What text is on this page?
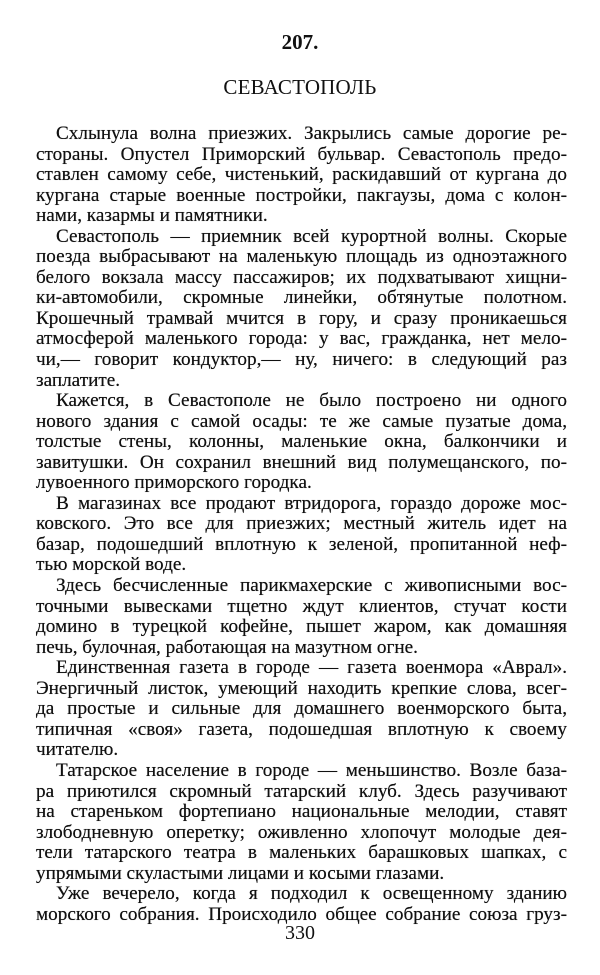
207.
СЕВАСТОПОЛЬ
Схлынула волна приезжих. Закрылись самые дорогие ре-
стораны. Опустел Приморский бульвар. Севастополь предо-
ставлен самому себе, чистенький, раскидавший от кургана до
кургана старые военные постройки, пакгаузы, дома с колон-
нами, казармы и памятники.
Севастополь — приемник всей курортной волны. Скорые
поезда выбрасывают на маленькую площадь из одноэтажного
белого вокзала массу пассажиров; их подхватывают хищни-
ки-автомобили, скромные линейки, обтянутые полотном.
Крошечный трамвай мчится в гору, и сразу проникаешься
атмосферой маленького города: у вас, гражданка, нет мело-
чи,— говорит кондуктор,— ну, ничего: в следующий раз
заплатите.
Кажется, в Севастополе не было построено ни одного
нового здания с самой осады: те же самые пузатые дома,
толстые стены, колонны, маленькие окна, балкончики и
завитушки. Он сохранил внешний вид полумещанского, по-
лувоенного приморского городка.
В магазинах все продают втридорога, гораздо дороже мос-
ковского. Это все для приезжих; местный житель идет на
базар, подошедший вплотную к зеленой, пропитанной неф-
тью морской воде.
Здесь бесчисленные парикмахерские с живописными вос-
точными вывесками тщетно ждут клиентов, стучат кости
домино в турецкой кофейне, пышет жаром, как домашняя
печь, булочная, работающая на мазутном огне.
Единственная газета в городе — газета военмора «Аврал».
Энергичный листок, умеющий находить крепкие слова, всег-
да простые и сильные для домашнего военморского быта,
типичная «своя» газета, подошедшая вплотную к своему
читателю.
Татарское население в городе — меньшинство. Возле база-
ра приютился скромный татарский клуб. Здесь разучивают
на стареньком фортепиано национальные мелодии, ставят
злободневную оперетку; оживленно хлопочут молодые дея-
тели татарского театра в маленьких барашковых шапках, с
упрямыми скуластыми лицами и косыми глазами.
Уже вечерело, когда я подходил к освещенному зданию
морского собрания. Происходило общее собрание союза груз-
330
